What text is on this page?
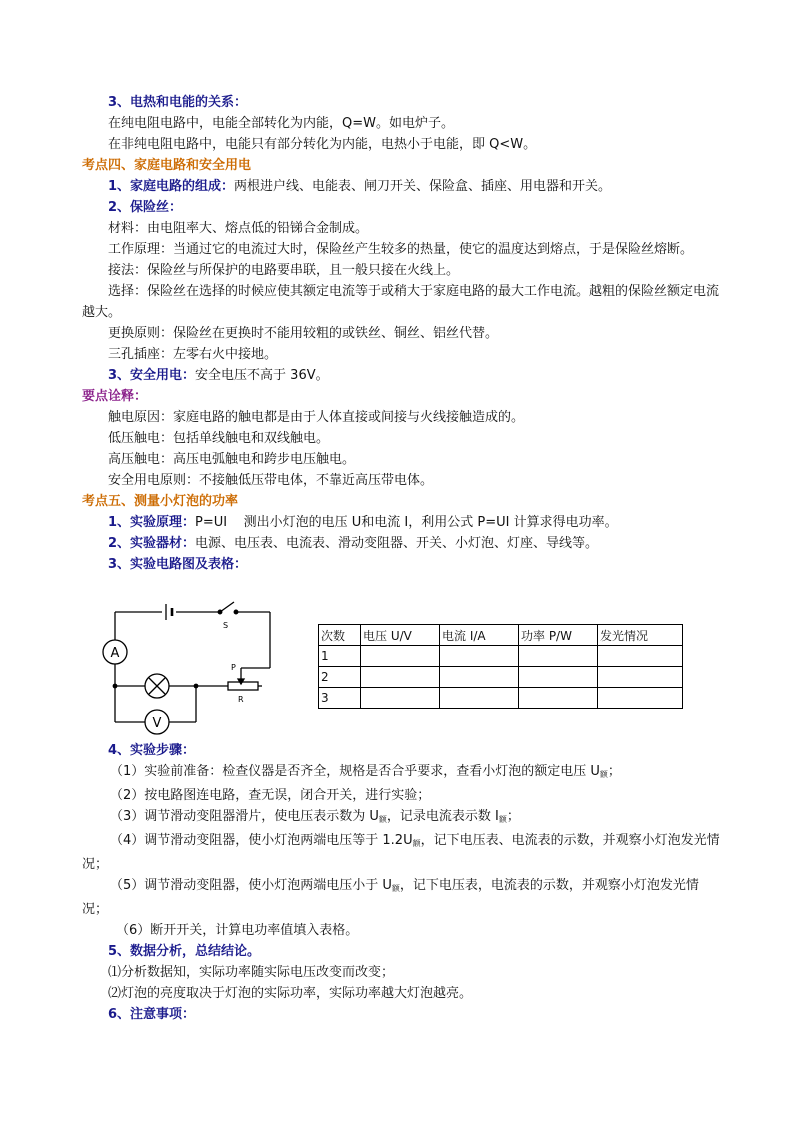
3、电热和电能的关系：
在纯电阻电路中，电能全部转化为内能，Q=W。如电炉子。
在非纯电阻电路中，电能只有部分转化为内能，电热小于电能，即 Q<W。
考点四、家庭电路和安全用电
1、家庭电路的组成：两根进户线、电能表、闸刀开关、保险盒、插座、用电器和开关。
2、保险丝：
材料：由电阻率大、熔点低的铅锑合金制成。
工作原理：当通过它的电流过大时，保险丝产生较多的热量，使它的温度达到熔点，于是保险丝熔断。
接法：保险丝与所保护的电路要串联，且一般只接在火线上。
选择：保险丝在选择的时候应使其额定电流等于或稍大于家庭电路的最大工作电流。越粗的保险丝额定电流越大。
更换原则：保险丝在更换时不能用较粗的或铁丝、铜丝、铝丝代替。
三孔插座：左零右火中接地。
3、安全用电：安全电压不高于 36V。
要点诠释：
触电原因：家庭电路的触电都是由于人体直接或间接与火线接触造成的。
低压触电：包括单线触电和双线触电。
高压触电：高压电弧触电和跨步电压触电。
安全用电原则：不接触低压带电体，不靠近高压带电体。
考点五、测量小灯泡的功率
1、实验原理：P=UI    测出小灯泡的电压 U和电流 I，利用公式 P=UI 计算求得电功率。
2、实验器材：电源、电压表、电流表、滑动变阻器、开关、小灯泡、灯座、导线等。
3、实验电路图及表格：
S
A
V
P
R
次数	电压 U/V	电流 I/A	功率 P/W	发光情况
1				
2				
3				
4、实验步骤：
（1）实验前准备：检查仪器是否齐全，规格是否合乎要求，查看小灯泡的额定电压 $U_额$；
（2）按电路图连电路，查无误，闭合开关，进行实验；
（3）调节滑动变阻器滑片，使电压表示数为 $U_额$，记录电流表示数 $I_额$；
（4）调节滑动变阻器，使小灯泡两端电压等于 $1.2U_额$，记下电压表、电流表的示数，并观察小灯泡发光情况；
（5）调节滑动变阻器，使小灯泡两端电压小于 $U_额$，记下电压表，电流表的示数，并观察小灯泡发光情况；
（6）断开开关，计算电功率值填入表格。
5、数据分析，总结结论。
⑴分析数据知，实际功率随实际电压改变而改变；
⑵灯泡的亮度取决于灯泡的实际功率，实际功率越大灯泡越亮。
6、注意事项：
